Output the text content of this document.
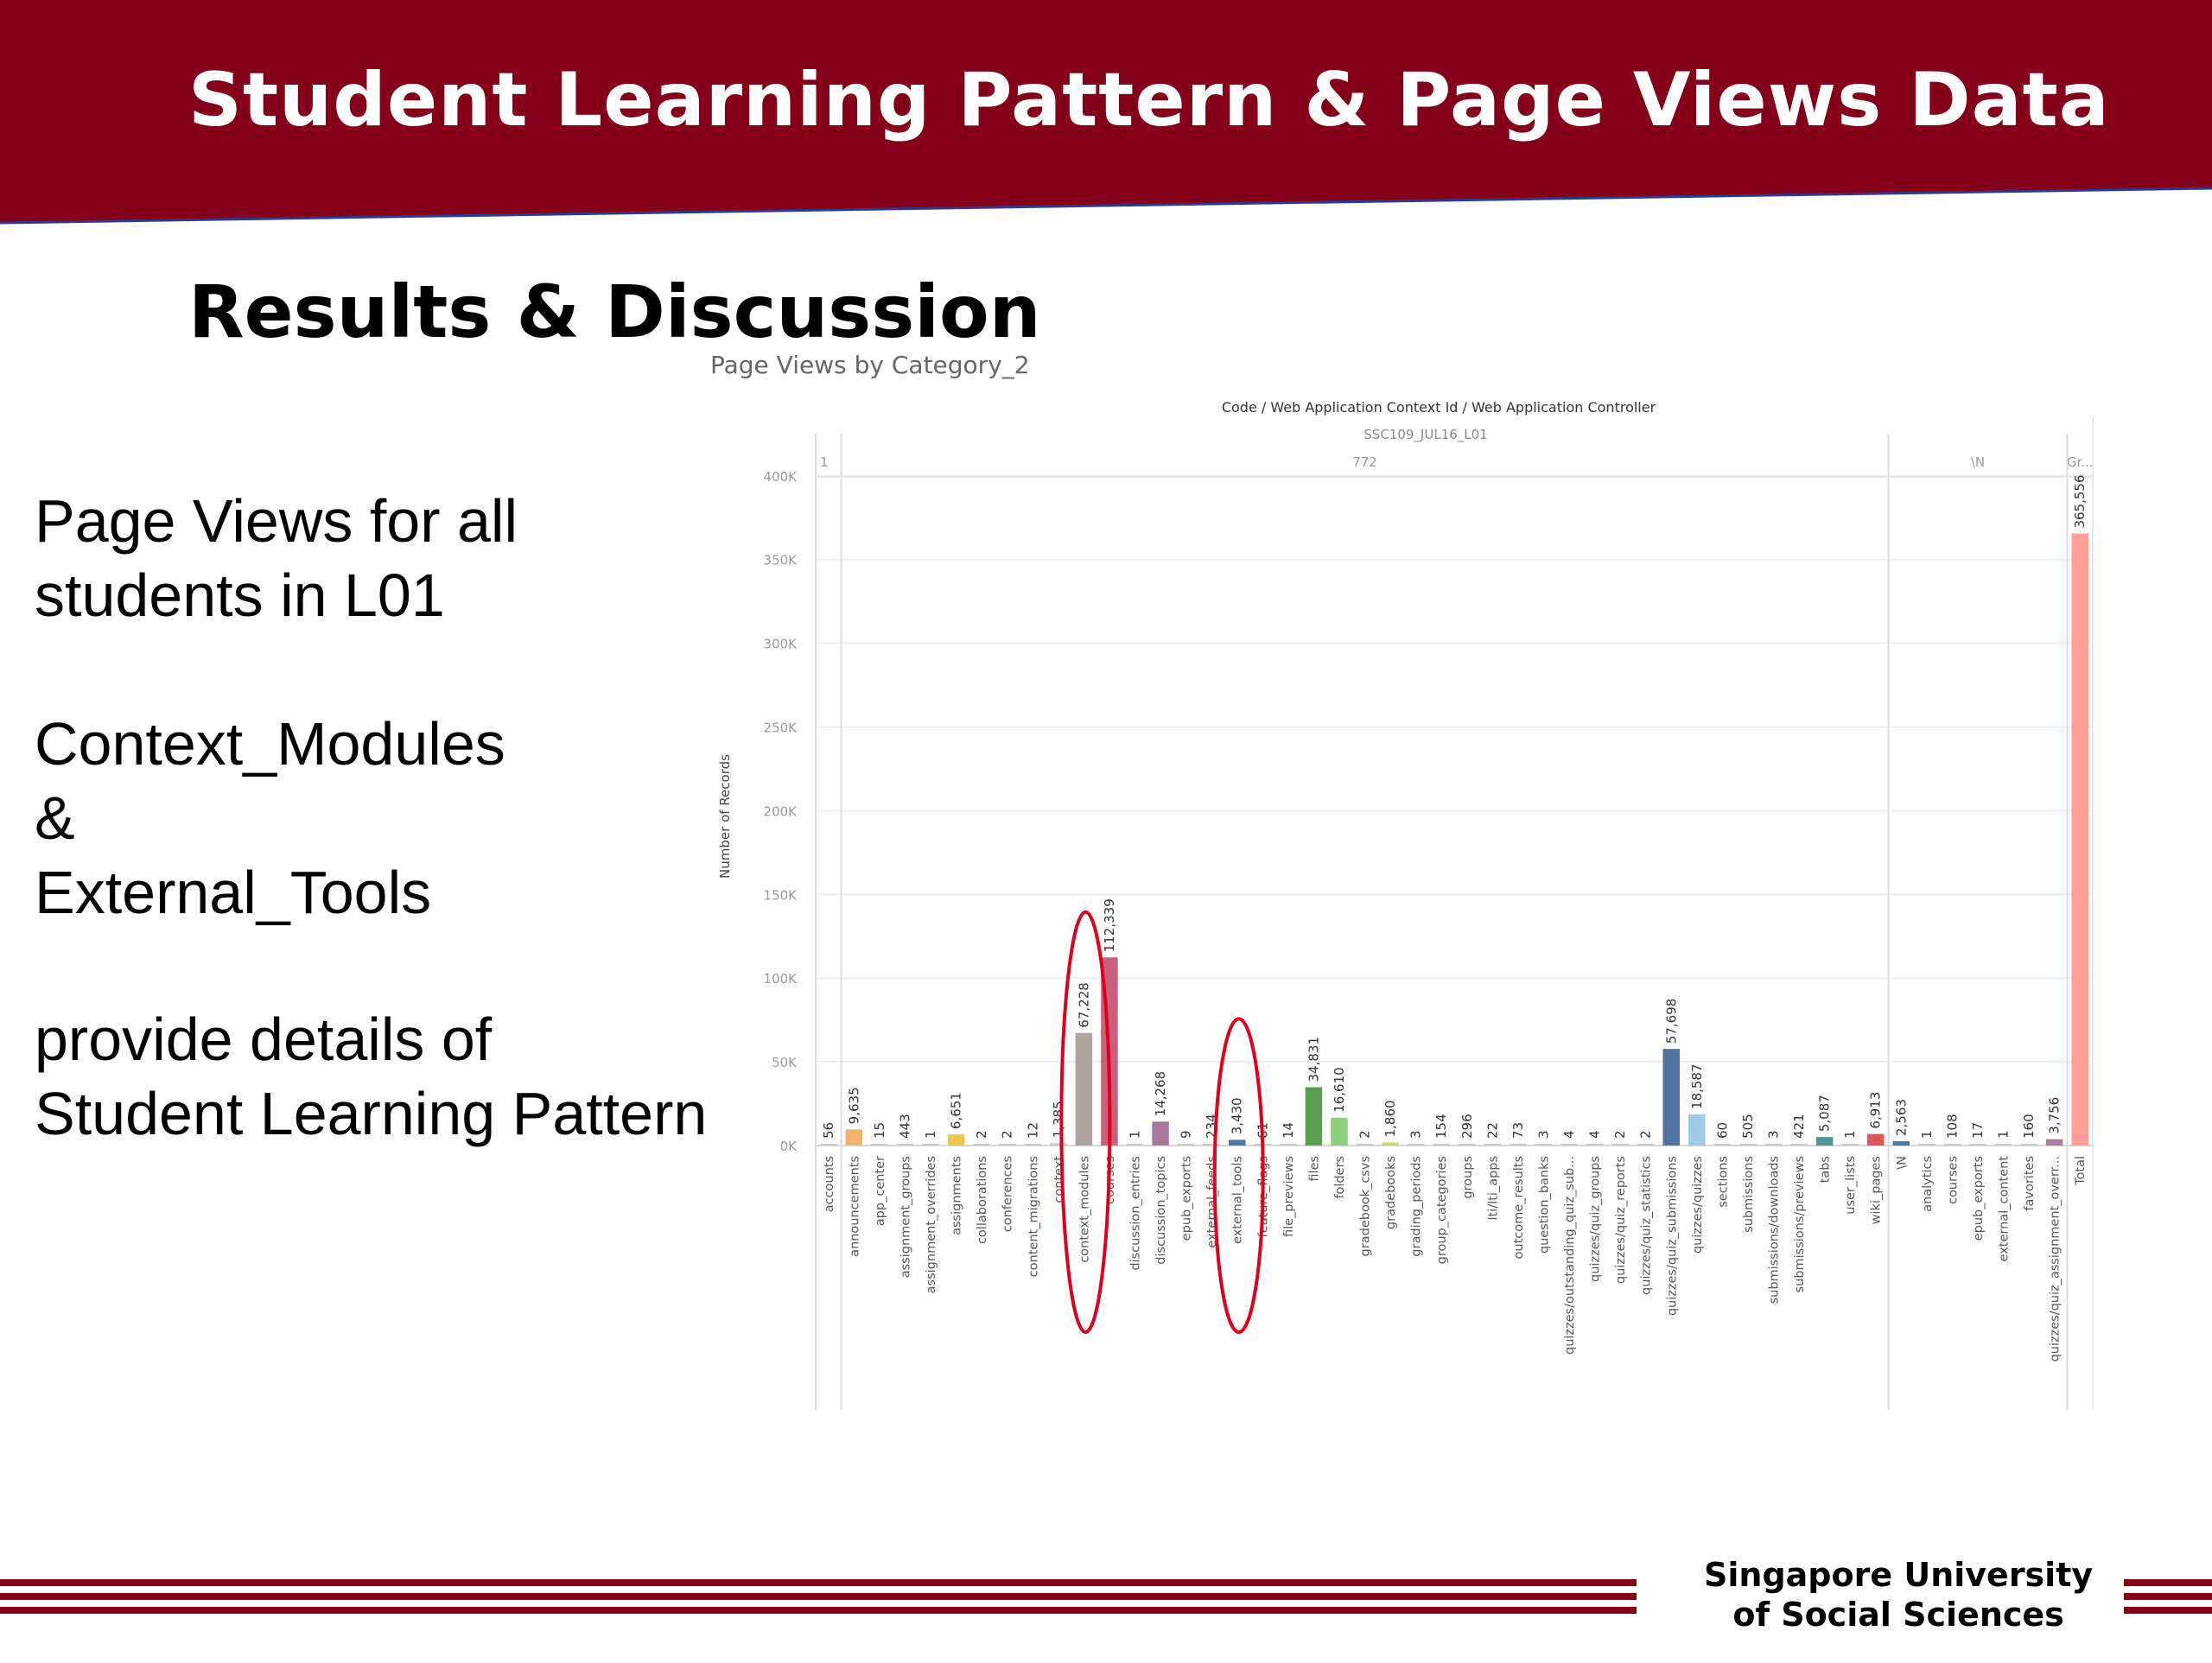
Student Learning Pattern & Page Views Data
Results & Discussion
Page Views for all
students in L01
Context_Modules
&
External_Tools
provide details of
Student Learning Pattern
Page Views by Category_2
Code / Web Application Context Id / Web Application Controller
SSC109_JUL16_L01
0K
50K
100K
150K
200K
250K
300K
350K
400K
Number of Records
1	772	\N	Gr...
56
accounts
9,635
announcements
15
app_center
443
assignment_groups
1
assignment_overrides
6,651
assignments
2
collaborations
2
conferences
12
content_migrations
1,385
context
67,228
context_modules
112,339
courses
1
discussion_entries
14,268
discussion_topics
9
epub_exports
234
external_feeds
3,430
external_tools
61
feature_flags
14
file_previews
34,831
files
16,610
folders
2
gradebook_csvs
1,860
gradebooks
3
grading_periods
154
group_categories
296
groups
22
lti/lti_apps
73
outcome_results
3
question_banks
4
quizzes/outstanding_quiz_sub...
4
quizzes/quiz_groups
2
quizzes/quiz_reports
2
quizzes/quiz_statistics
57,698
quizzes/quiz_submissions
18,587
quizzes/quizzes
60
sections
505
submissions
3
submissions/downloads
421
submissions/previews
5,087
tabs
1
user_lists
6,913
wiki_pages
2,563
\N
1
analytics
108
courses
17
epub_exports
1
external_content
160
favorites
3,756
quizzes/quiz_assignment_overr...
365,556
Total
Singapore University
of Social Sciences
